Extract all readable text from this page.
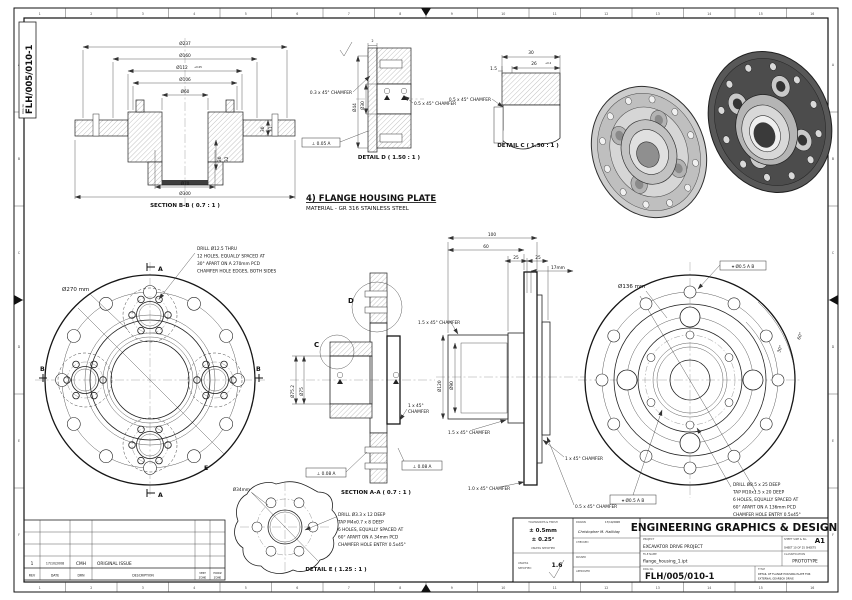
1	2	3	4	5	6	7	8	9	10	11	12	13	14	15	16
1	2	3	4	5	6	7	8	9	10	11	12	13	14	15	16
B
C
D
E
F
A
B
C
D
E
F
FLH/005/010-1
DRG No
Ø237
Ø160
Ø112 +0.05
Ø106
Ø60
Ø70
Ø300
30 31
30 32
SECTION B-B ( 0.7 : 1 )
2
Ø44 Ø30
0.3 x 45° CHAMFER
0.5 x 45° CHAMFER
⊥ 0.05 A
DETAIL D ( 1.50 : 1 )
30
26	+0.2
1.5
0.5 x 45° CHAMFER
DETAIL C ( 1.50 : 1 )
4) FLANGE HOUSING PLATE
MATERIAL - GR 316 STAINLESS STEEL
Ø270 mm
DRILL Ø12.5 THRU
12 HOLES, EQUALLY SPACED AT
30° APART ON A 270mm PCD
CHAMFER HOLE EDGES, BOTH SIDES
A
A
B	B
E
D
C
Ø75.2 Ø75
1 x 45°
CHAMFER
⊥ 0.08 A
⊥ 0.08 A
SECTION A-A ( 0.7 : 1 )
100
60
25	25
17mm
Ø120	Ø90
1.5 x 45° CHAMFER
1.5 x 45° CHAMFER
1.0 x 45° CHAMFER
1 x 45° CHAMFER
0.5 x 45° CHAMFER
Ø136 mm
⌖ Ø0.5 A B
⌖ Ø0.5 A B
60°
30°
DRILL Ø8.5 x 25 DEEP
TAP M10x1.5 x 20 DEEP
6 HOLES, EQUALLY SPACED AT
60° APART ON A 136mm PCD
CHAMFER HOLE ENTRY 0.5x45°
Ø34mm
DRILL Ø3.3 x 12 DEEP
TAP M4x0.7 x 8 DEEP
6 HOLES, EQUALLY SPACED AT
60° APART ON A 34mm PCD
CHAMFER HOLE ENTRY 0.5x45°
DETAIL E ( 1.25 : 1 )
1	17/10/2008	CMH	ORIGINAL ISSUE
REV	DATE	DRN	DESCRIPTION	VERT
ZONE
HORIZ
ZONE
TOLERANCES & FINISH
± 0.5mm
± 0.25°
UNLESS SPECIFIED
UNLESS
SPECIFIED	1.6
DRAWN	17/10/2008
Christopher M. Halliday
CHECKED
PASSED
APPROVED
ENGINEERING GRAPHICS & DESIGN
PROJECT
EXCAVATOR DRIVE PROJECT
SHEET SIZE & No. A1
SHEET 10 OF 25 SHEETS
FILE NAME
flange_housing_1.ipt
CLASSIFICATION
PROTOTYPE
DRG No.
FLH/005/010-1
TITLE
DETAIL OF FLANGE HOUSING PLATE FOR
EXTERNAL GEARBOX DRIVE
